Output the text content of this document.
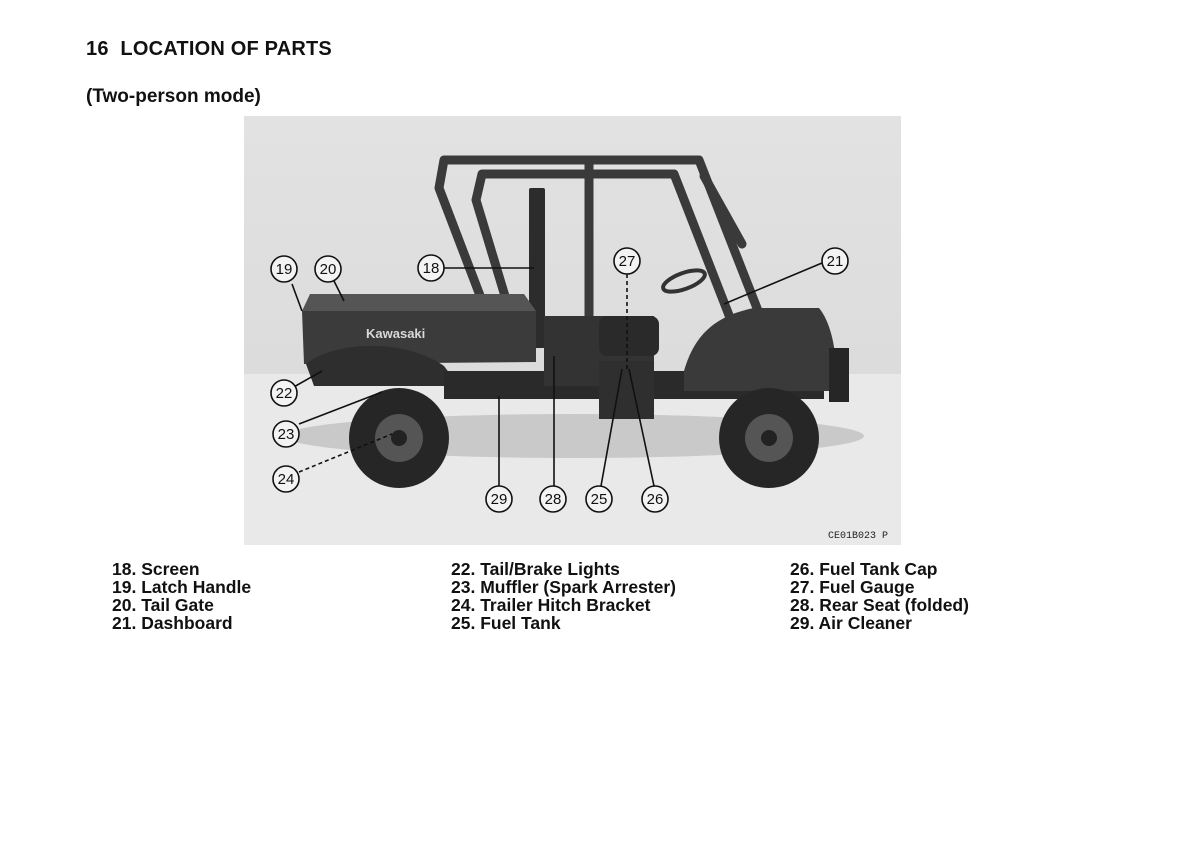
16 LOCATION OF PARTS
(Two-person mode)
Kawasaki
19 20	18	27	21
22
23
24
29 28 25	26
CE01B023 P
18. Screen
19. Latch Handle
20. Tail Gate
21. Dashboard
22. Tail/Brake Lights
23. Muffler (Spark Arrester)
24. Trailer Hitch Bracket
25. Fuel Tank
26. Fuel Tank Cap
27. Fuel Gauge
28. Rear Seat (folded)
29. Air Cleaner
